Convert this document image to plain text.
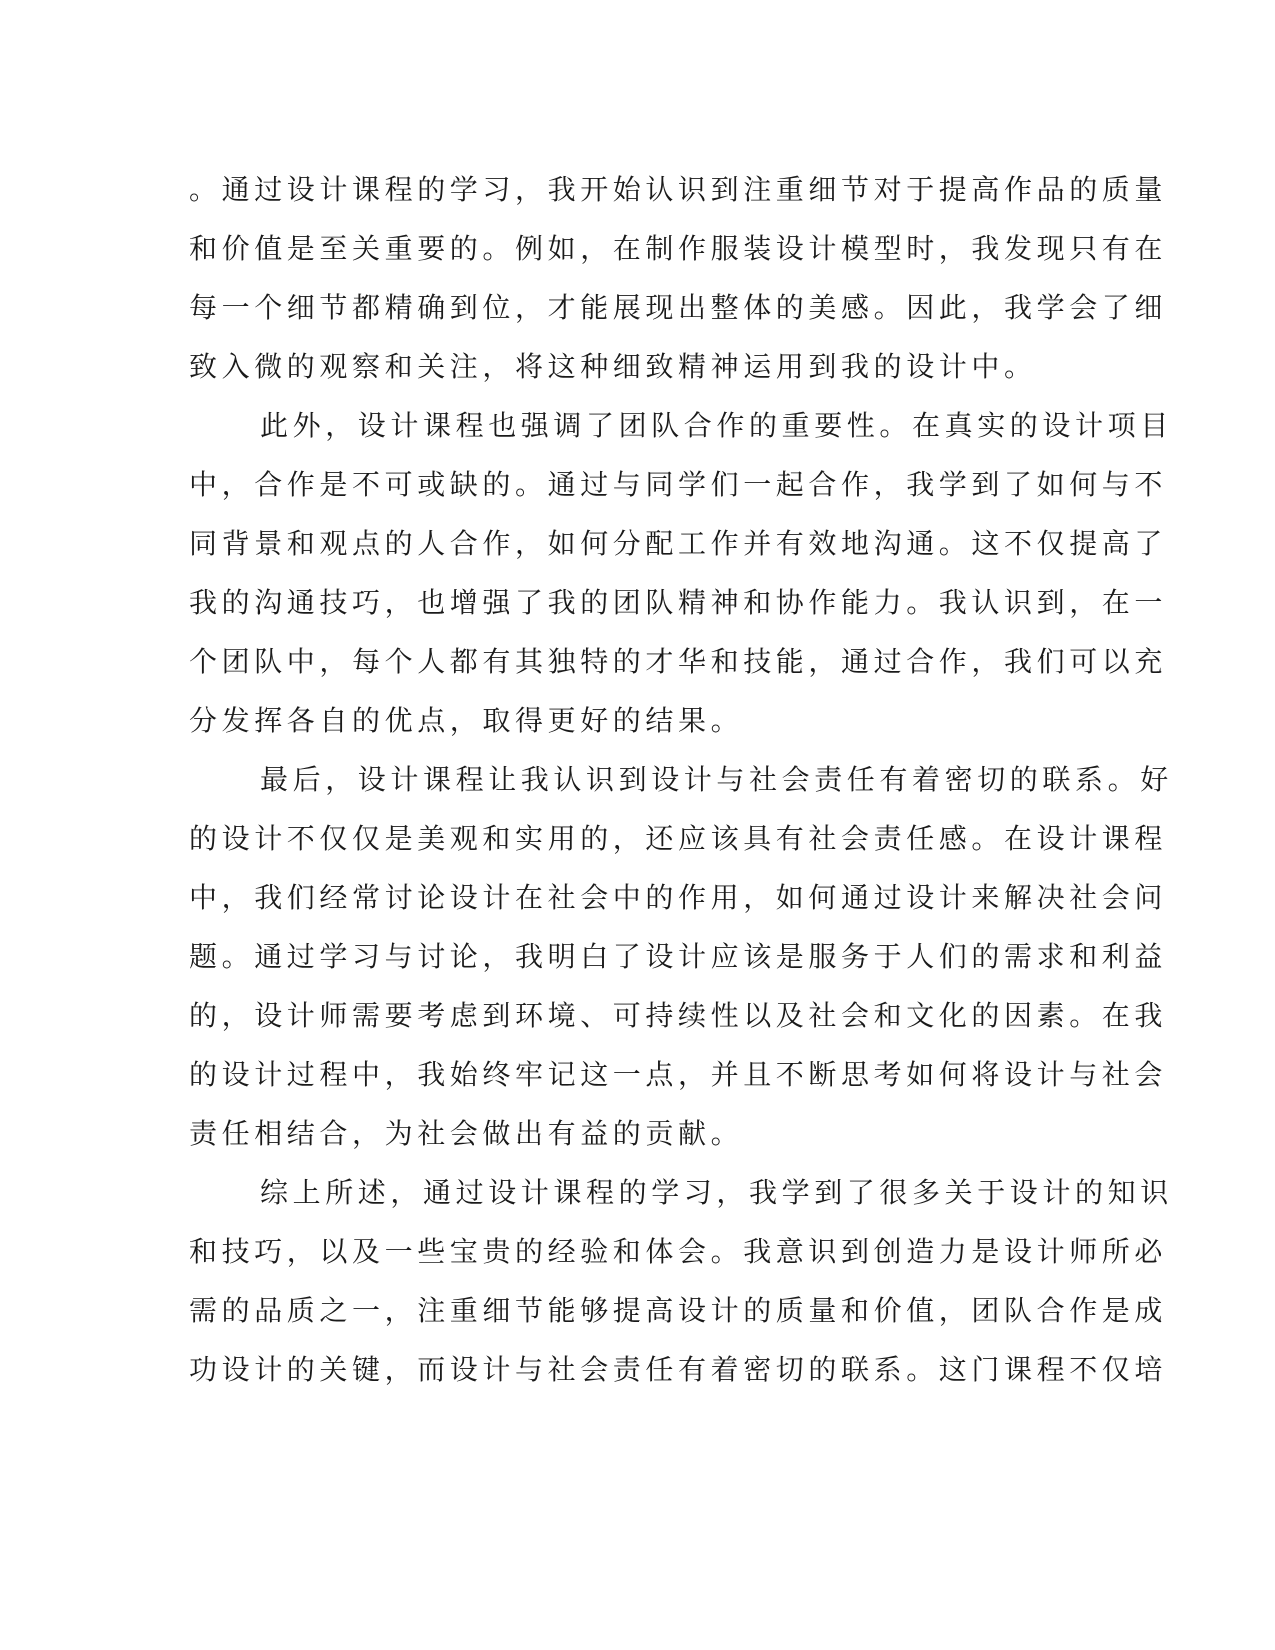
。通过设计课程的学习，我开始认识到注重细节对于提高作品的质量
和价值是至关重要的。例如，在制作服装设计模型时，我发现只有在
每一个细节都精确到位，才能展现出整体的美感。因此，我学会了细
致入微的观察和关注，将这种细致精神运用到我的设计中。
此外，设计课程也强调了团队合作的重要性。在真实的设计项目
中，合作是不可或缺的。通过与同学们一起合作，我学到了如何与不
同背景和观点的人合作，如何分配工作并有效地沟通。这不仅提高了
我的沟通技巧，也增强了我的团队精神和协作能力。我认识到，在一
个团队中，每个人都有其独特的才华和技能，通过合作，我们可以充
分发挥各自的优点，取得更好的结果。
最后，设计课程让我认识到设计与社会责任有着密切的联系。好
的设计不仅仅是美观和实用的，还应该具有社会责任感。在设计课程
中，我们经常讨论设计在社会中的作用，如何通过设计来解决社会问
题。通过学习与讨论，我明白了设计应该是服务于人们的需求和利益
的，设计师需要考虑到环境、可持续性以及社会和文化的因素。在我
的设计过程中，我始终牢记这一点，并且不断思考如何将设计与社会
责任相结合，为社会做出有益的贡献。
综上所述，通过设计课程的学习，我学到了很多关于设计的知识
和技巧，以及一些宝贵的经验和体会。我意识到创造力是设计师所必
需的品质之一，注重细节能够提高设计的质量和价值，团队合作是成
功设计的关键，而设计与社会责任有着密切的联系。这门课程不仅培
